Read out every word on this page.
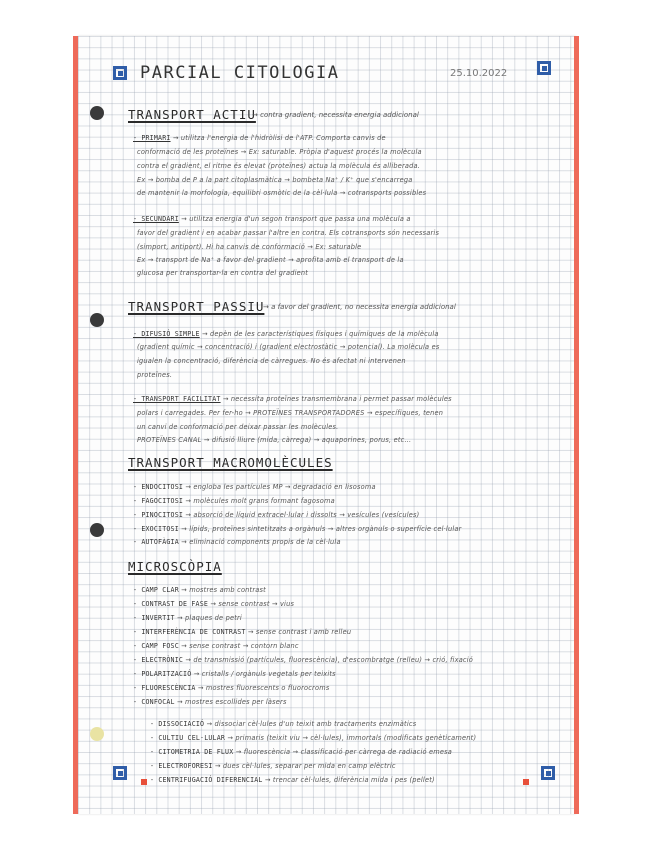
PARCIAL CITOLOGIA	25.10.2022
TRANSPORT ACTIU
→ contra gradient, necessita energia addicional
- PRIMARI → utilitza l'energia de l'hidròlisi de l'ATP. Comporta canvis de
conformació de les proteïnes → Ex: saturable. Pròpia d'aquest procés la molècula
contra el gradient, el ritme és elevat (proteïnes) actua la molècula és alliberada.
Ex → bomba de P a la part citoplasmàtica → bombeta Na⁺ / K⁺ que s'encarrega
de mantenir la morfologia, equilibri osmòtic de la cèl·lula → cotransports possibles
- SECUNDARI → utilitza energia d'un segon transport que passa una molècula a
favor del gradient i en acabar passar l'altre en contra. Els cotransports són necessaris
(simport, antiport). Hi ha canvis de conformació → Ex: saturable
Ex → transport de Na⁺ a favor del gradient → aprofita amb el transport de la
glucosa per transportar-la en contra del gradient
TRANSPORT PASSIU
→ a favor del gradient, no necessita energia addicional
- DIFUSIÓ SIMPLE → depèn de les característiques físiques i químiques de la molècula
(gradient químic → concentració) i (gradient electrostàtic → potencial). La molècula es
igualen la concentració, diferència de càrregues. No és afectat ni intervenen
proteïnes.
- TRANSPORT FACILITAT → necessita proteïnes transmembrana i permet passar molècules
polars i carregades. Per fer-ho → PROTEÏNES TRANSPORTADORES → específiques, tenen
un canvi de conformació per deixar passar les molècules.
PROTEÏNES CANAL → difusió lliure (mida, càrrega) → aquaporines, porus, etc...
TRANSPORT MACROMOLÈCULES
- ENDOCITOSI → engloba les partícules MP → degradació en lisosoma
- FAGOCITOSI → molècules molt grans formant fagosoma
- PINOCITOSI → absorció de líquid extracel·lular i dissolts → vesícules (vesícules)
- EXOCITOSI → lípids, proteïnes sintetitzats a orgànuls → altres orgànuls o superfície cel·lular
- AUTOFÀGIA → eliminació components propis de la cèl·lula
MICROSCÒPIA
- CAMP CLAR → mostres amb contrast
- CONTRAST DE FASE → sense contrast → vius
- INVERTIT → plaques de petri
- INTERFERÈNCIA DE CONTRAST → sense contrast i amb relleu
- CAMP FOSC → sense contrast → contorn blanc
- ELECTRÒNIC → de transmissió (partícules, fluorescència), d'escombratge (relleu) → crió, fixació
- POLARITZACIÓ → cristalls / orgànuls vegetals per teixits
- FLUORESCÈNCIA → mostres fluorescents o fluorocroms
- CONFOCAL → mostres escollides per làsers
- DISSOCIACIÓ → dissociar cèl·lules d'un teixit amb tractaments enzimàtics
- CULTIU CEL·LULAR → primaris (teixit viu → cèl·lules), immortals (modificats genèticament)
- CITOMETRIA DE FLUX → fluorescència → classificació per càrrega de radiació emesa
- ELECTROFORESI → dues cèl·lules, separar per mida en camp elèctric
- CENTRIFUGACIÓ DIFERENCIAL → trencar cèl·lules, diferència mida i pes (pellet)
